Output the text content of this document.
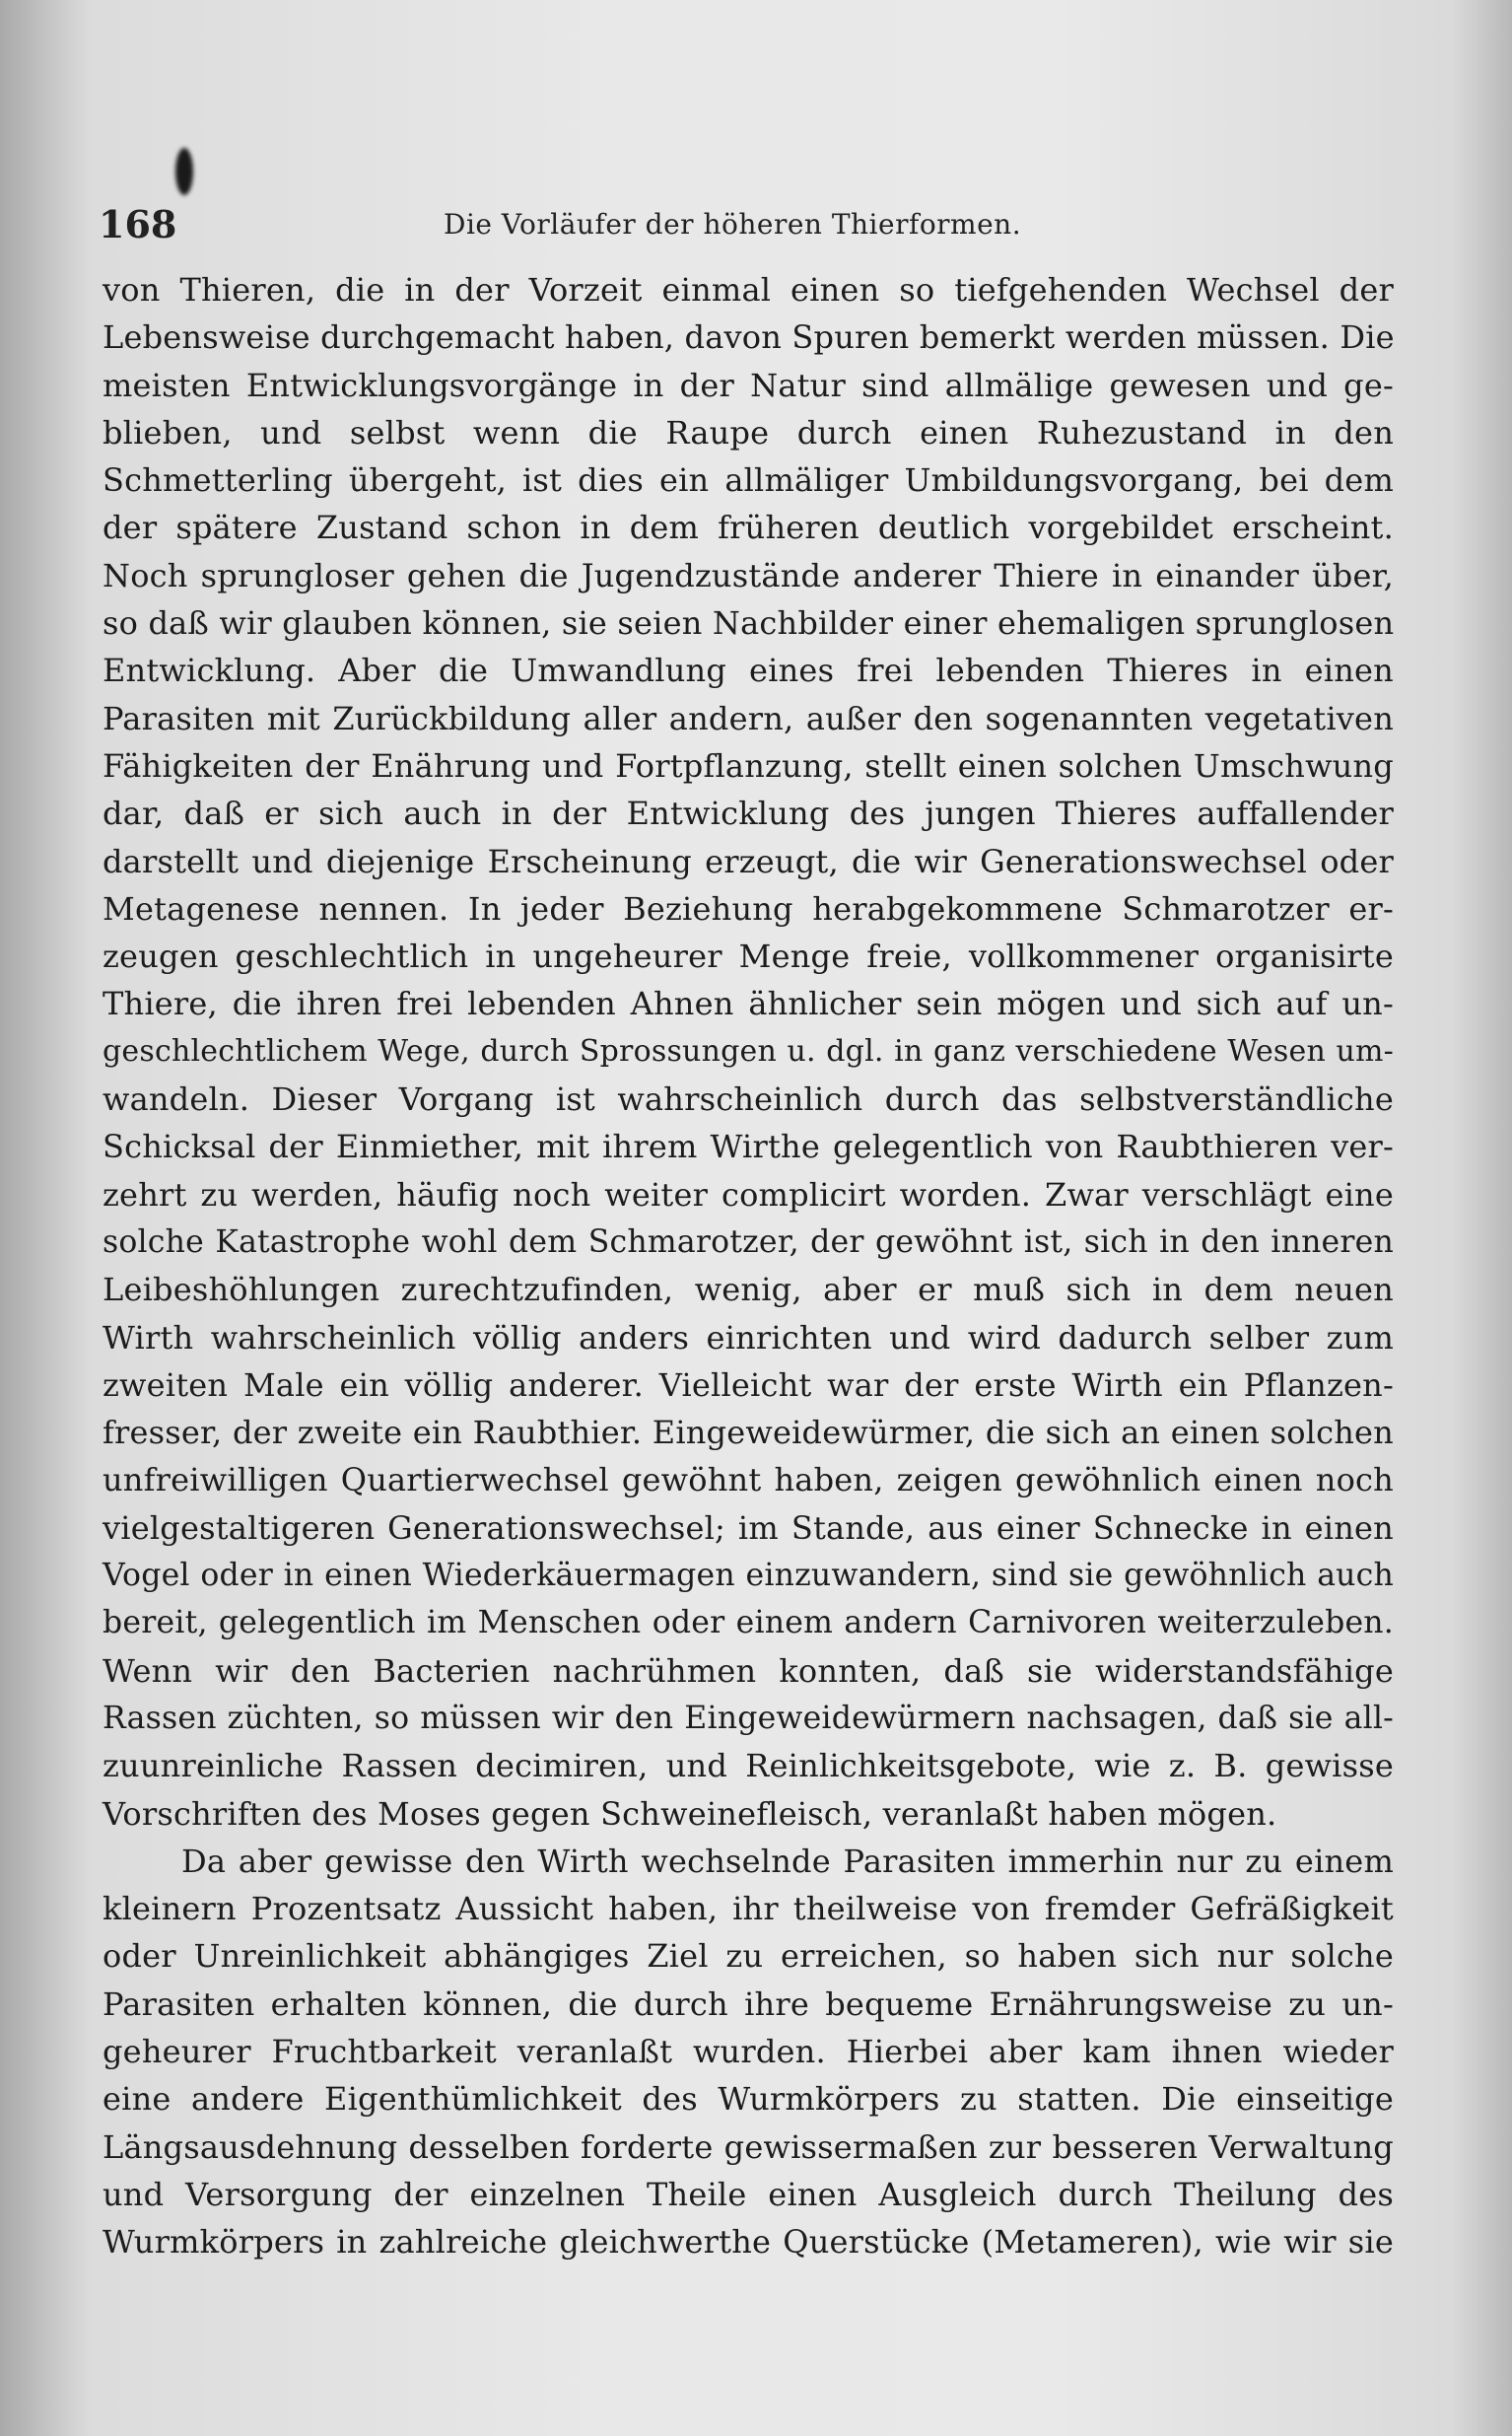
168	Die Vorläufer der höheren Thierformen.
von Thieren, die in der Vorzeit einmal einen so tiefgehenden Wechsel der
Lebensweise durchgemacht haben, davon Spuren bemerkt werden müssen. Die
meisten Entwicklungsvorgänge in der Natur sind allmälige gewesen und ge-
blieben, und selbst wenn die Raupe durch einen Ruhezustand in den
Schmetterling übergeht, ist dies ein allmäliger Umbildungsvorgang, bei dem
der spätere Zustand schon in dem früheren deutlich vorgebildet erscheint.
Noch sprungloser gehen die Jugendzustände anderer Thiere in einander über,
so daß wir glauben können, sie seien Nachbilder einer ehemaligen sprunglosen
Entwicklung. Aber die Umwandlung eines frei lebenden Thieres in einen
Parasiten mit Zurückbildung aller andern, außer den sogenannten vegetativen
Fähigkeiten der Enährung und Fortpflanzung, stellt einen solchen Umschwung
dar, daß er sich auch in der Entwicklung des jungen Thieres auffallender
darstellt und diejenige Erscheinung erzeugt, die wir Generationswechsel oder
Metagenese nennen. In jeder Beziehung herabgekommene Schmarotzer er-
zeugen geschlechtlich in ungeheurer Menge freie, vollkommener organisirte
Thiere, die ihren frei lebenden Ahnen ähnlicher sein mögen und sich auf un-
geschlechtlichem Wege, durch Sprossungen u. dgl. in ganz verschiedene Wesen um-
wandeln. Dieser Vorgang ist wahrscheinlich durch das selbstverständliche
Schicksal der Einmiether, mit ihrem Wirthe gelegentlich von Raubthieren ver-
zehrt zu werden, häufig noch weiter complicirt worden. Zwar verschlägt eine
solche Katastrophe wohl dem Schmarotzer, der gewöhnt ist, sich in den inneren
Leibeshöhlungen zurechtzufinden, wenig, aber er muß sich in dem neuen
Wirth wahrscheinlich völlig anders einrichten und wird dadurch selber zum
zweiten Male ein völlig anderer. Vielleicht war der erste Wirth ein Pflanzen-
fresser, der zweite ein Raubthier. Eingeweidewürmer, die sich an einen solchen
unfreiwilligen Quartierwechsel gewöhnt haben, zeigen gewöhnlich einen noch
vielgestaltigeren Generationswechsel; im Stande, aus einer Schnecke in einen
Vogel oder in einen Wiederkäuermagen einzuwandern, sind sie gewöhnlich auch
bereit, gelegentlich im Menschen oder einem andern Carnivoren weiterzuleben.
Wenn wir den Bacterien nachrühmen konnten, daß sie widerstandsfähige
Rassen züchten, so müssen wir den Eingeweidewürmern nachsagen, daß sie all-
zuunreinliche Rassen decimiren, und Reinlichkeitsgebote, wie z. B. gewisse
Vorschriften des Moses gegen Schweinefleisch, veranlaßt haben mögen.
Da aber gewisse den Wirth wechselnde Parasiten immerhin nur zu einem
kleinern Prozentsatz Aussicht haben, ihr theilweise von fremder Gefräßigkeit
oder Unreinlichkeit abhängiges Ziel zu erreichen, so haben sich nur solche
Parasiten erhalten können, die durch ihre bequeme Ernährungsweise zu un-
geheurer Fruchtbarkeit veranlaßt wurden. Hierbei aber kam ihnen wieder
eine andere Eigenthümlichkeit des Wurmkörpers zu statten. Die einseitige
Längsausdehnung desselben forderte gewissermaßen zur besseren Verwaltung
und Versorgung der einzelnen Theile einen Ausgleich durch Theilung des
Wurmkörpers in zahlreiche gleichwerthe Querstücke (Metameren), wie wir sie
